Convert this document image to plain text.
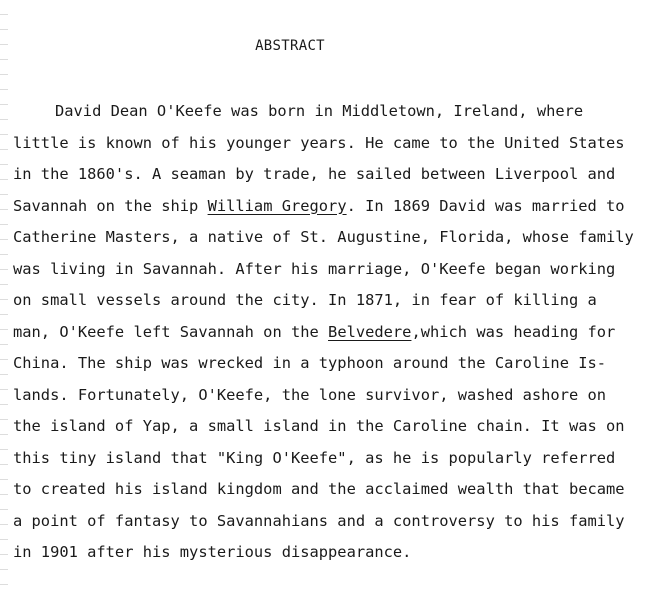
ABSTRACT
David Dean O'Keefe was born in Middletown, Ireland, where
little is known of his younger years. He came to the United States
in the 1860's. A seaman by trade, he sailed between Liverpool and
Savannah on the ship William Gregory. In 1869 David was married to
Catherine Masters, a native of St. Augustine, Florida, whose family
was living in Savannah. After his marriage, O'Keefe began working
on small vessels around the city. In 1871, in fear of killing a
man, O'Keefe left Savannah on the Belvedere,which was heading for
China. The ship was wrecked in a typhoon around the Caroline Is-
lands. Fortunately, O'Keefe, the lone survivor, washed ashore on
the island of Yap, a small island in the Caroline chain. It was on
this tiny island that "King O'Keefe", as he is popularly referred
to created his island kingdom and the acclaimed wealth that became
a point of fantasy to Savannahians and a controversy to his family
in 1901 after his mysterious disappearance.
